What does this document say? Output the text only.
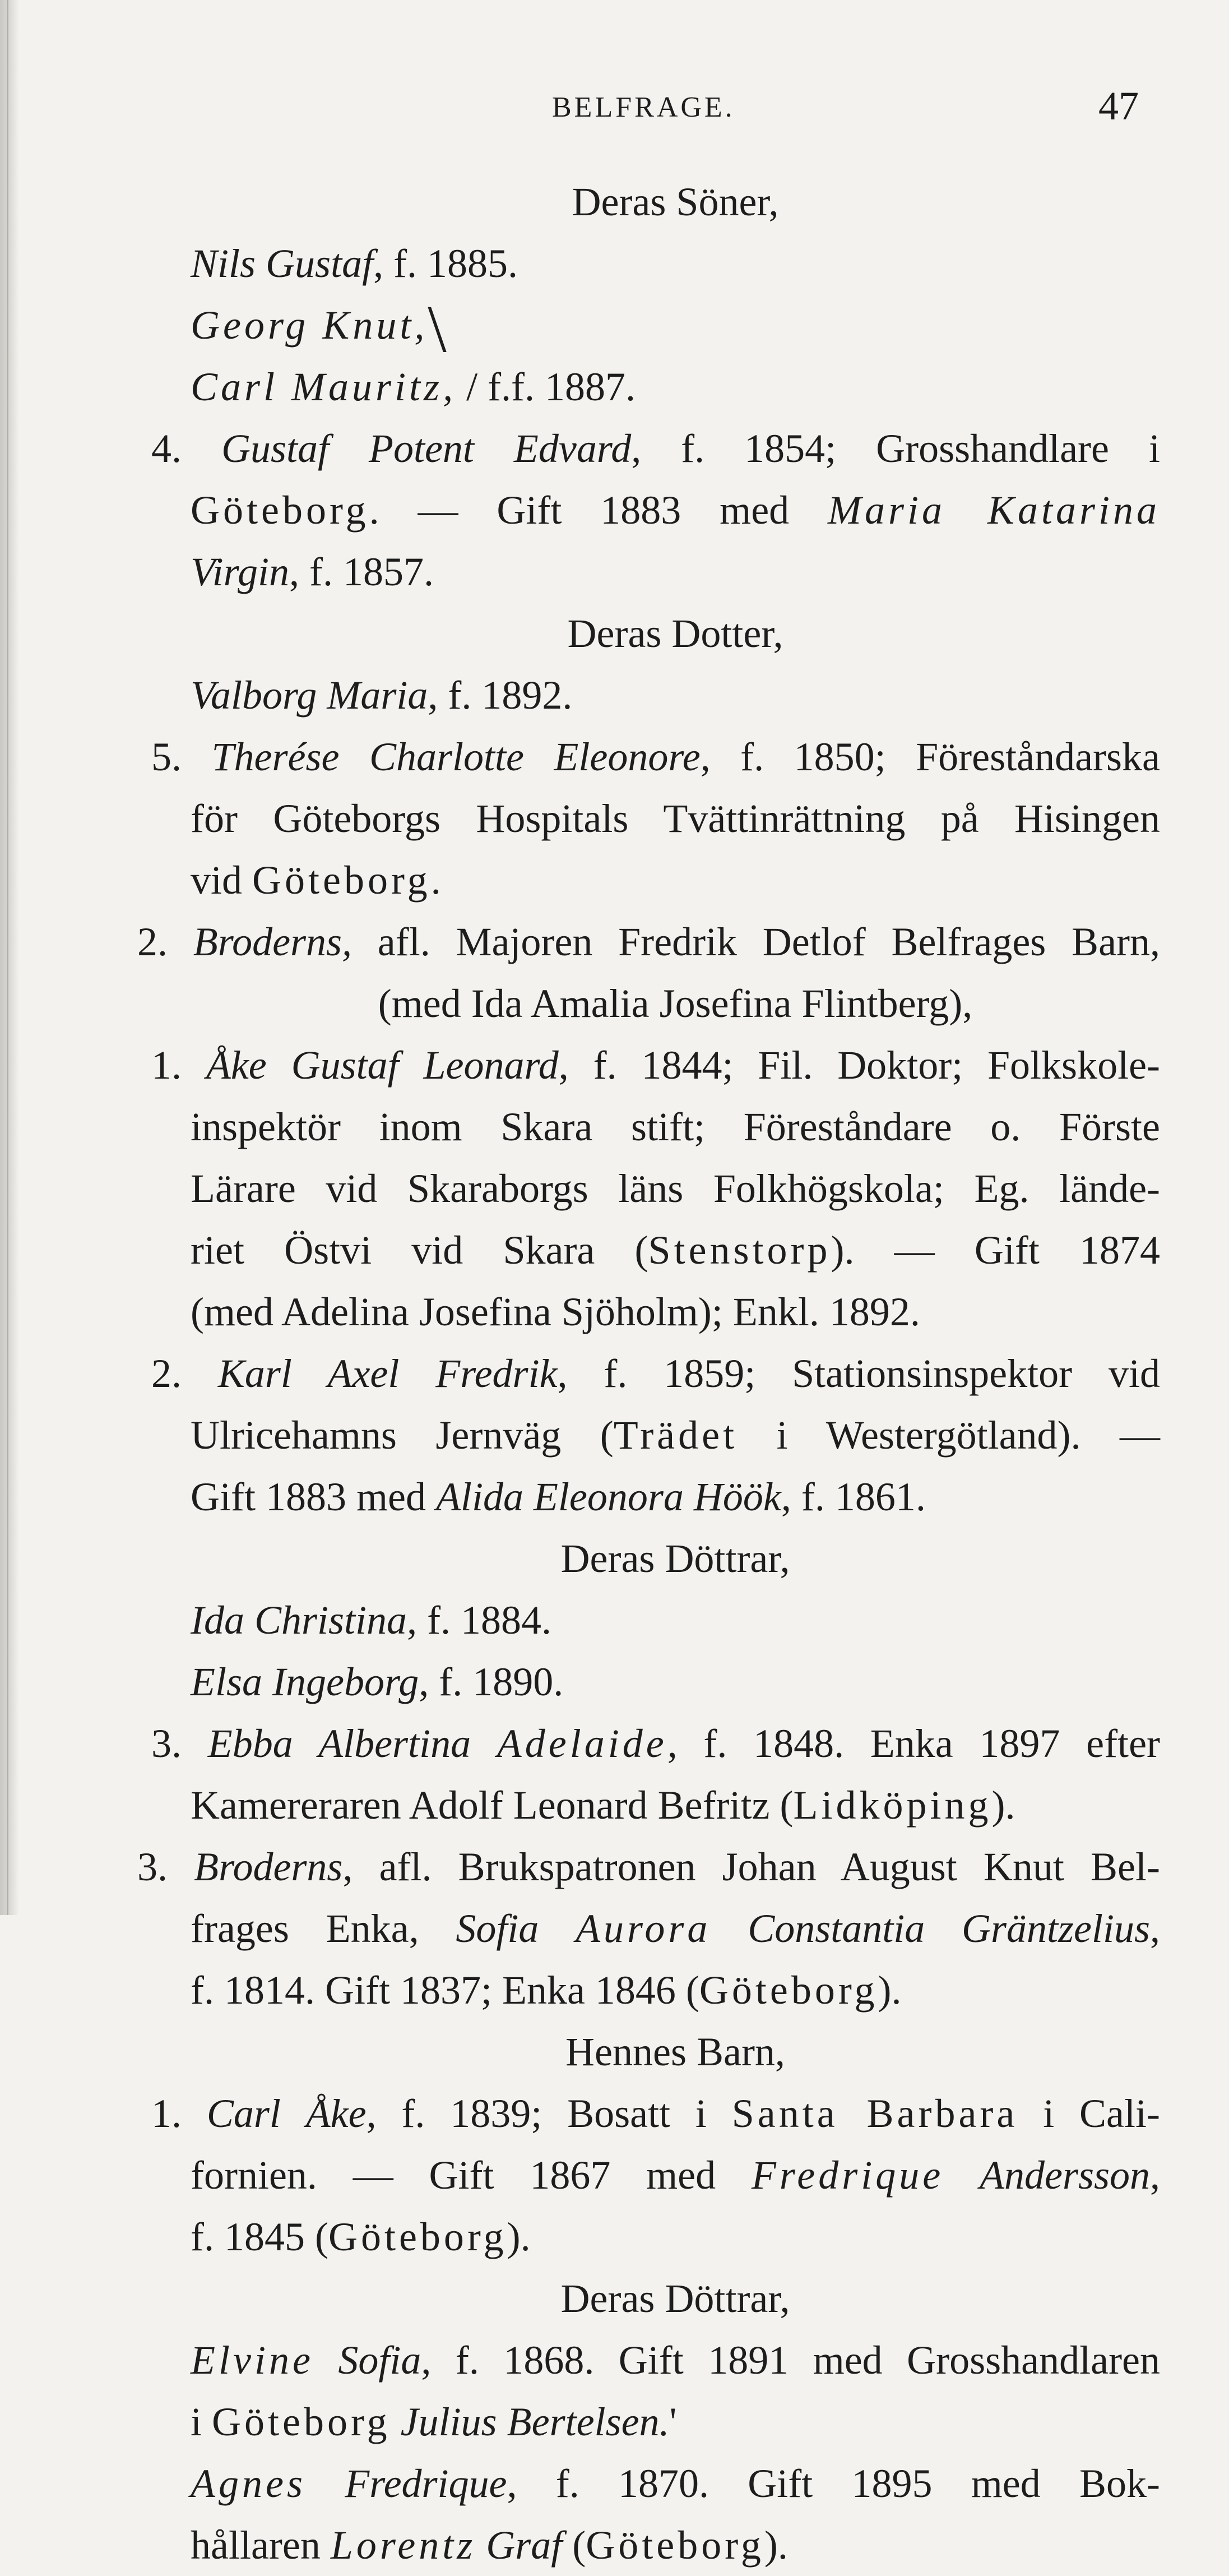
BELFRAGE.	47
Deras Söner,
Nils Gustaf, f. 1885.
Georg Knut,\
Carl Mauritz, / f.f. 1887.
4. Gustaf Potent Edvard, f. 1854; Grosshandlare i
Göteborg. — Gift 1883 med Maria Katarina
Virgin, f. 1857.
Deras Dotter,
Valborg Maria, f. 1892.
5. Therése Charlotte Eleonore, f. 1850; Föreståndarska
för Göteborgs Hospitals Tvättinrättning på Hisingen
vid Göteborg.
2. Broderns, afl. Majoren Fredrik Detlof Belfrages Barn,
(med Ida Amalia Josefina Flintberg),
1. Åke Gustaf Leonard, f. 1844; Fil. Doktor; Folkskole-
inspektör inom Skara stift; Föreståndare o. Förste
Lärare vid Skaraborgs läns Folkhögskola; Eg. lände-
riet Östvi vid Skara (Stenstorp). — Gift 1874
(med Adelina Josefina Sjöholm); Enkl. 1892.
2. Karl Axel Fredrik, f. 1859; Stationsinspektor vid
Ulricehamns Jernväg (Trädet i Westergötland). —
Gift 1883 med Alida Eleonora Höök, f. 1861.
Deras Döttrar,
Ida Christina, f. 1884.
Elsa Ingeborg, f. 1890.
3. Ebba Albertina Adelaide, f. 1848. Enka 1897 efter
Kamereraren Adolf Leonard Befritz (Lidköping).
3. Broderns, afl. Brukspatronen Johan August Knut Bel-
frages Enka, Sofia Aurora Constantia Gräntzelius,
f. 1814. Gift 1837; Enka 1846 (Göteborg).
Hennes Barn,
1. Carl Åke, f. 1839; Bosatt i Santa Barbara i Cali-
fornien. — Gift 1867 med Fredrique Andersson,
f. 1845 (Göteborg).
Deras Döttrar,
Elvine Sofia, f. 1868. Gift 1891 med Grosshandlaren
i Göteborg Julius Bertelsen.'
Agnes Fredrique, f. 1870. Gift 1895 med Bok-
hållaren Lorentz Graf (Göteborg).
